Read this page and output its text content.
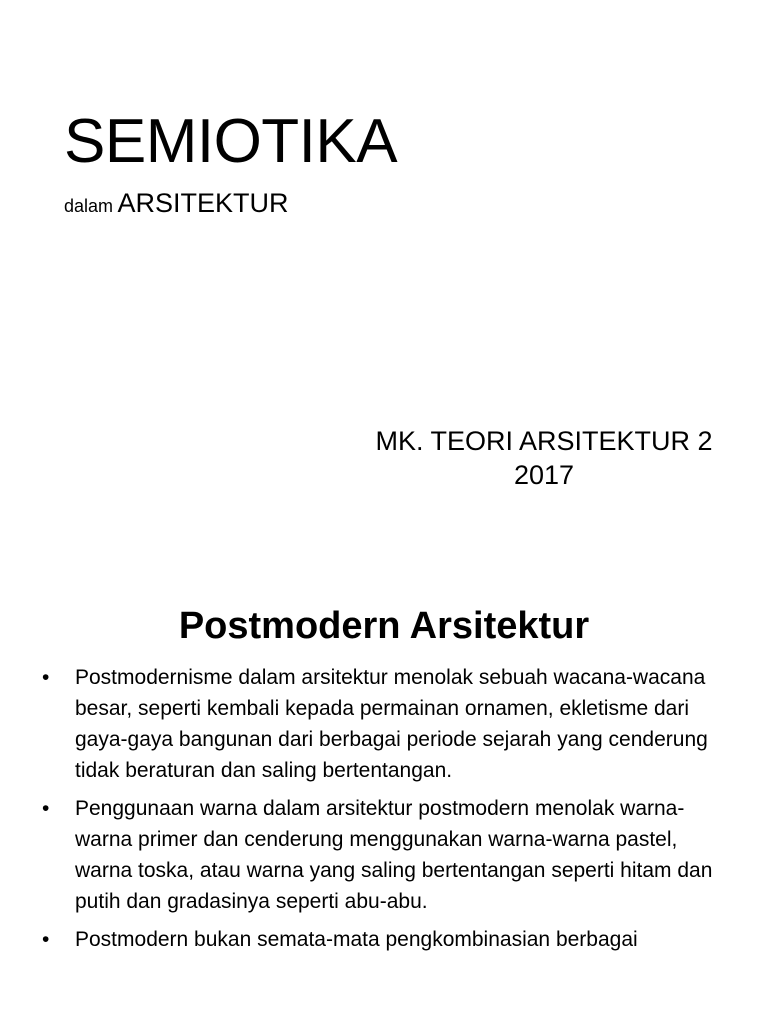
SEMIOTIKA
dalam ARSITEKTUR
MK. TEORI ARSITEKTUR 2
2017
Postmodern Arsitektur
•	Postmodernisme dalam arsitektur menolak sebuah wacana-wacana besar, seperti kembali kepada permainan ornamen, ekletisme dari gaya-gaya bangunan dari berbagai periode sejarah yang cenderung tidak beraturan dan saling bertentangan.
•	Penggunaan warna dalam arsitektur postmodern menolak warna-warna primer dan cenderung menggunakan warna-warna pastel, warna toska, atau warna yang saling bertentangan seperti hitam dan putih dan gradasinya seperti abu-abu.
•	Postmodern bukan semata-mata pengkombinasian berbagai
